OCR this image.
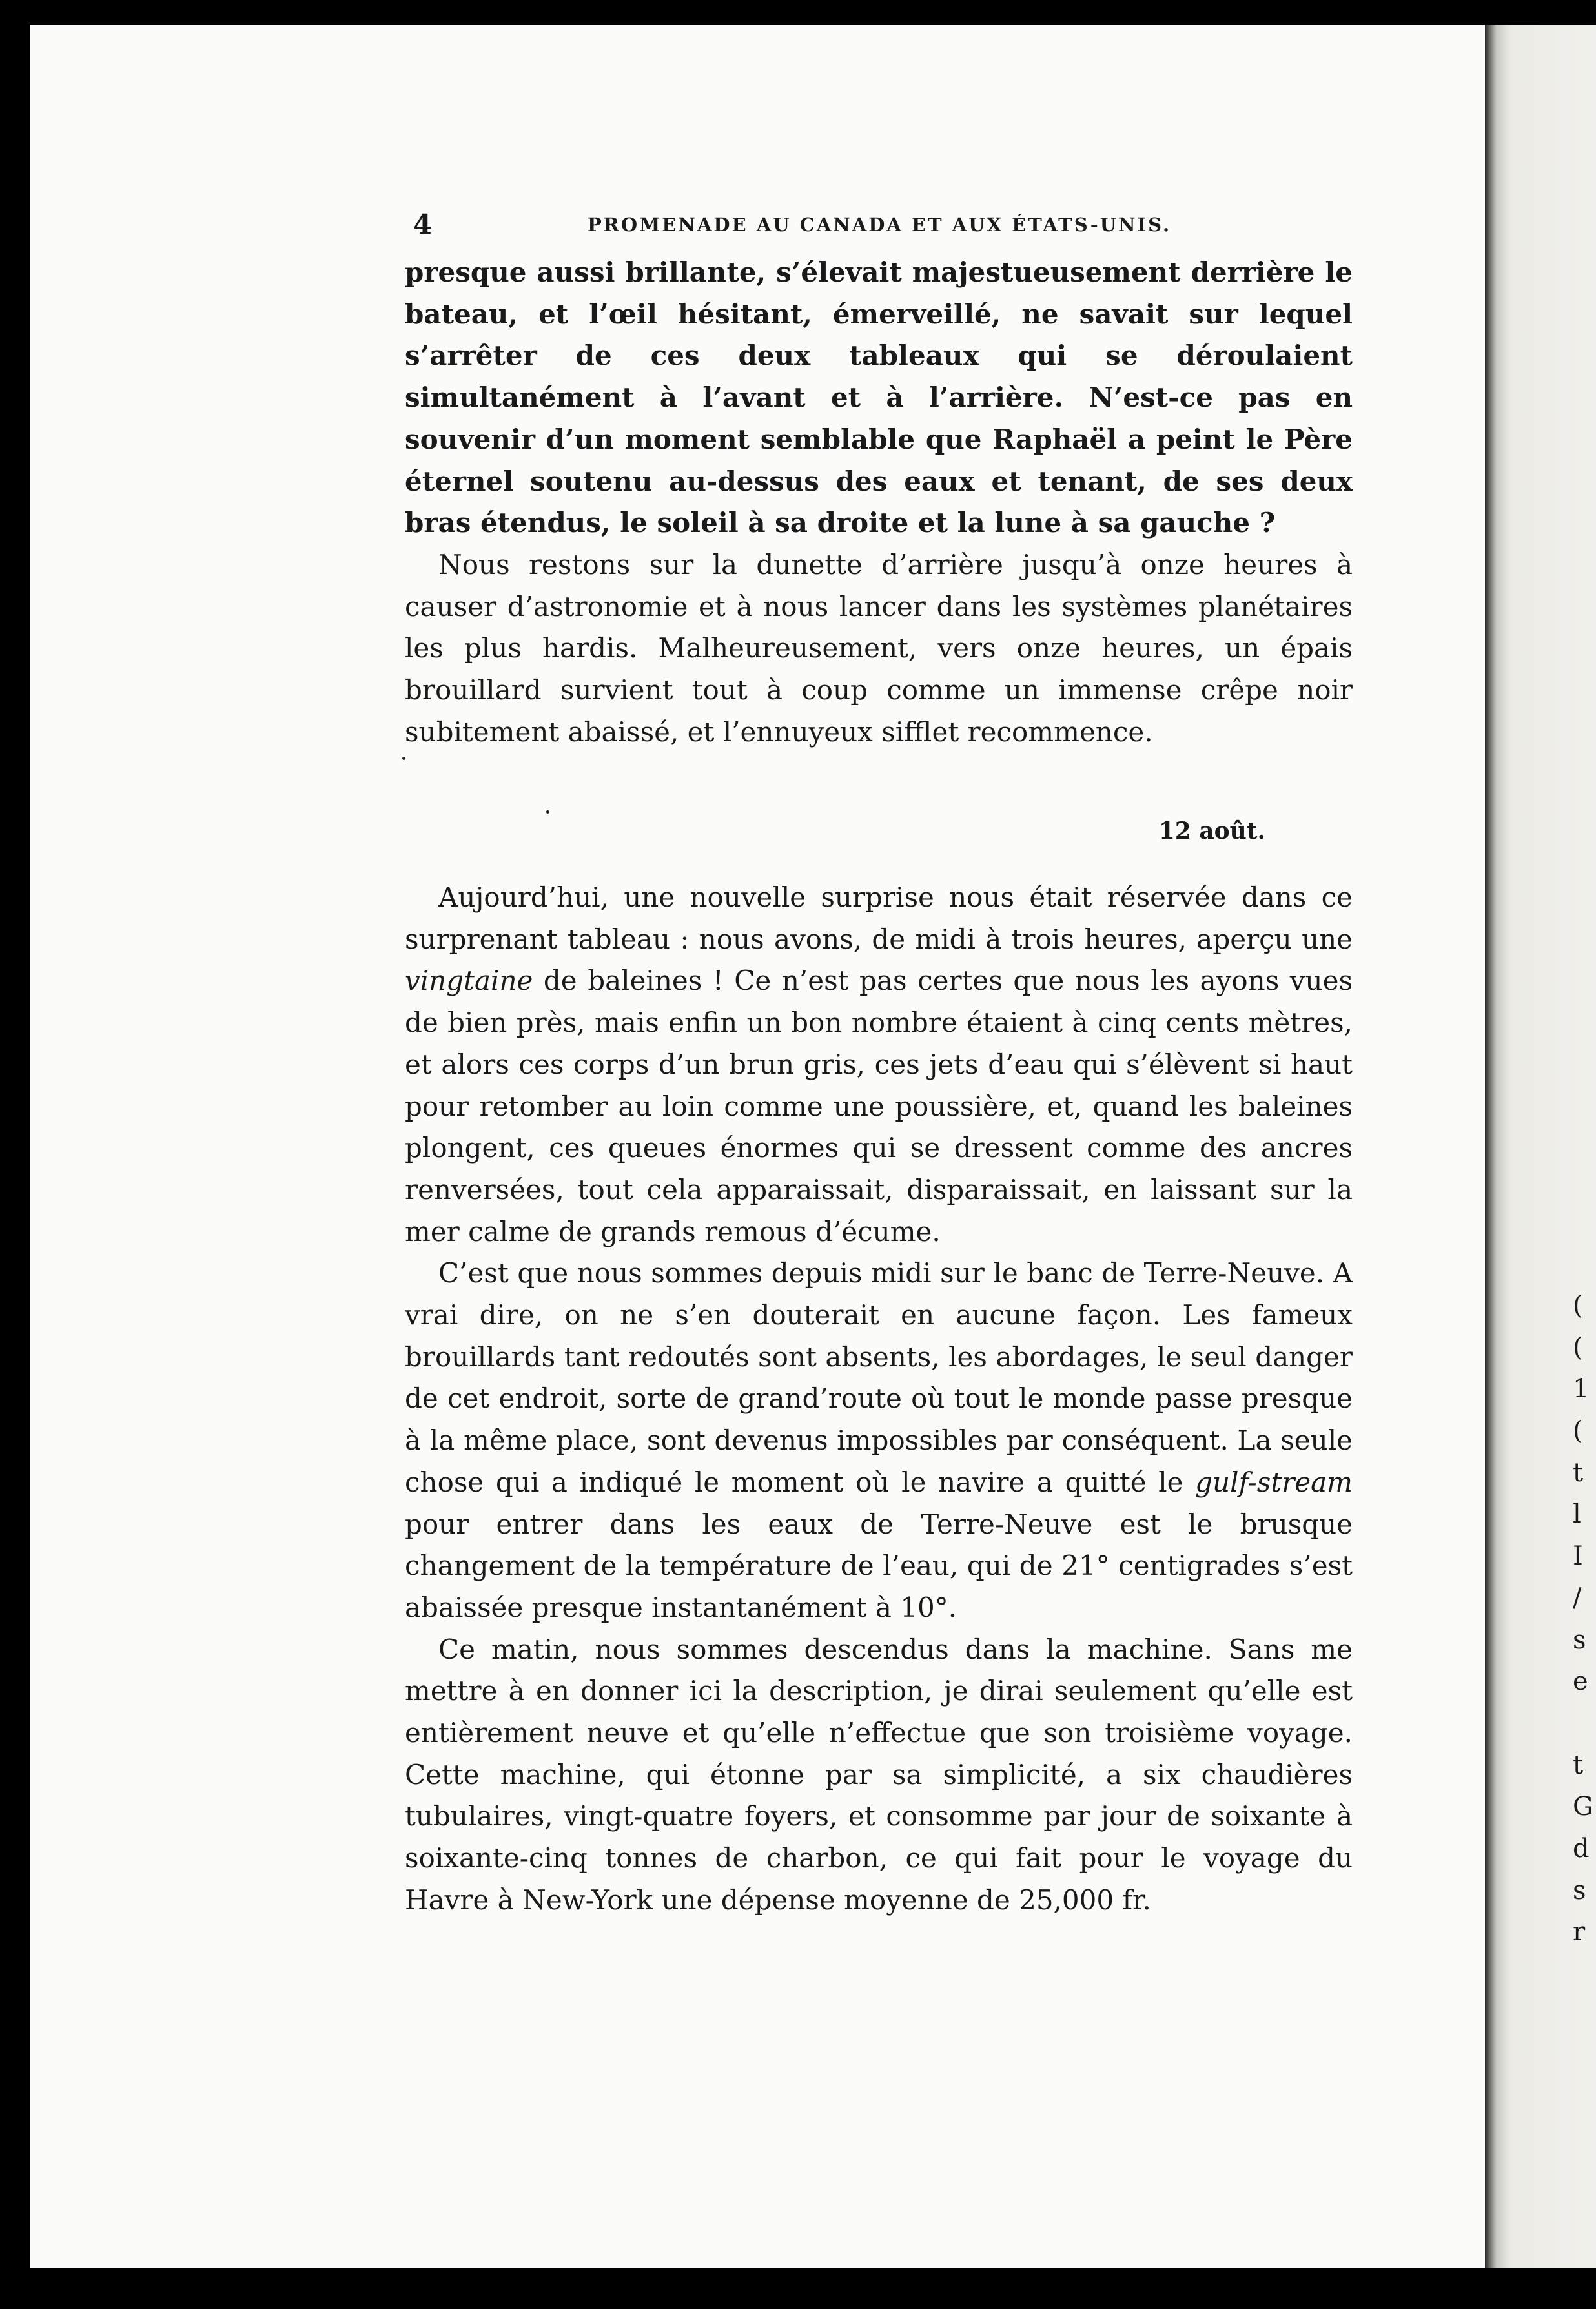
4	PROMENADE AU CANADA ET AUX ÉTATS-UNIS.

presque aussi brillante, s’élevait majestueusement derrière le bateau, et l’œil hésitant, émerveillé, ne savait sur lequel s’arrêter de ces deux tableaux qui se déroulaient simultanément à l’avant et à l’arrière. N’est-ce pas en souvenir d’un moment semblable que Raphaël a peint le Père éternel soutenu au-dessus des eaux et tenant, de ses deux bras étendus, le soleil à sa droite et la lune à sa gauche ?

Nous restons sur la dunette d’arrière jusqu’à onze heures à causer d’astronomie et à nous lancer dans les systèmes planétaires les plus hardis. Malheureusement, vers onze heures, un épais brouillard survient tout à coup comme un immense crêpe noir subitement abaissé, et l’ennuyeux sifflet recommence.

12 août.

Aujourd’hui, une nouvelle surprise nous était réservée dans ce surprenant tableau : nous avons, de midi à trois heures, aperçu une vingtaine de baleines ! Ce n’est pas certes que nous les ayons vues de bien près, mais enfin un bon nombre étaient à cinq cents mètres, et alors ces corps d’un brun gris, ces jets d’eau qui s’élèvent si haut pour retomber au loin comme une poussière, et, quand les baleines plongent, ces queues énormes qui se dressent comme des ancres renversées, tout cela apparaissait, disparaissait, en laissant sur la mer calme de grands remous d’écume.

C’est que nous sommes depuis midi sur le banc de Terre-Neuve. A vrai dire, on ne s’en douterait en aucune façon. Les fameux brouillards tant redoutés sont absents, les abordages, le seul danger de cet endroit, sorte de grand’route où tout le monde passe presque à la même place, sont devenus impossibles par conséquent. La seule chose qui a indiqué le moment où le navire a quitté le gulf-stream pour entrer dans les eaux de Terre-Neuve est le brusque changement de la température de l’eau, qui de 21° centigrades s’est abaissée presque instantanément à 10°.

Ce matin, nous sommes descendus dans la machine. Sans me mettre à en donner ici la description, je dirai seulement qu’elle est entièrement neuve et qu’elle n’effectue que son troisième voyage. Cette machine, qui étonne par sa simplicité, a six chaudières tubulaires, vingt-quatre foyers, et consomme par jour de soixante à soixante-cinq tonnes de charbon, ce qui fait pour le voyage du Havre à New-York une dépense moyenne de 25,000 fr.

(
(
1
(
t
l
I
/
s
e
t
G
d
s
r
